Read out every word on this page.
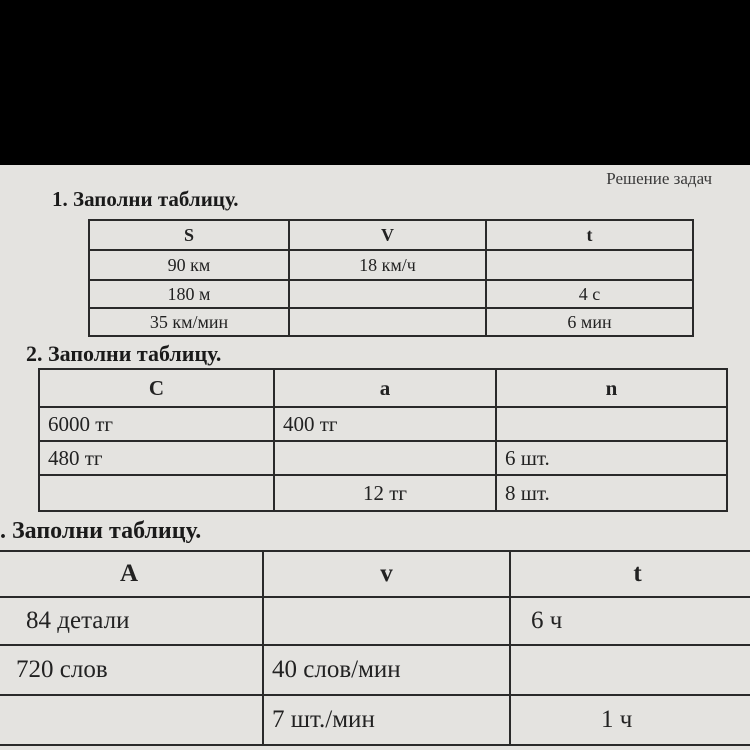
Решение задач
1. Заполни таблицу.
S	V	t
90 км	18 км/ч	
180 м		4 с
35 км/мин		6 мин
2. Заполни таблицу.
C	a	n
6000 тг	400 тг	
480 тг		6 шт.
	12 тг	8 шт.
. Заполни таблицу.
A	v	t
84 детали		6 ч
720 слов	40 слов/мин	
	7 шт./мин	1 ч
